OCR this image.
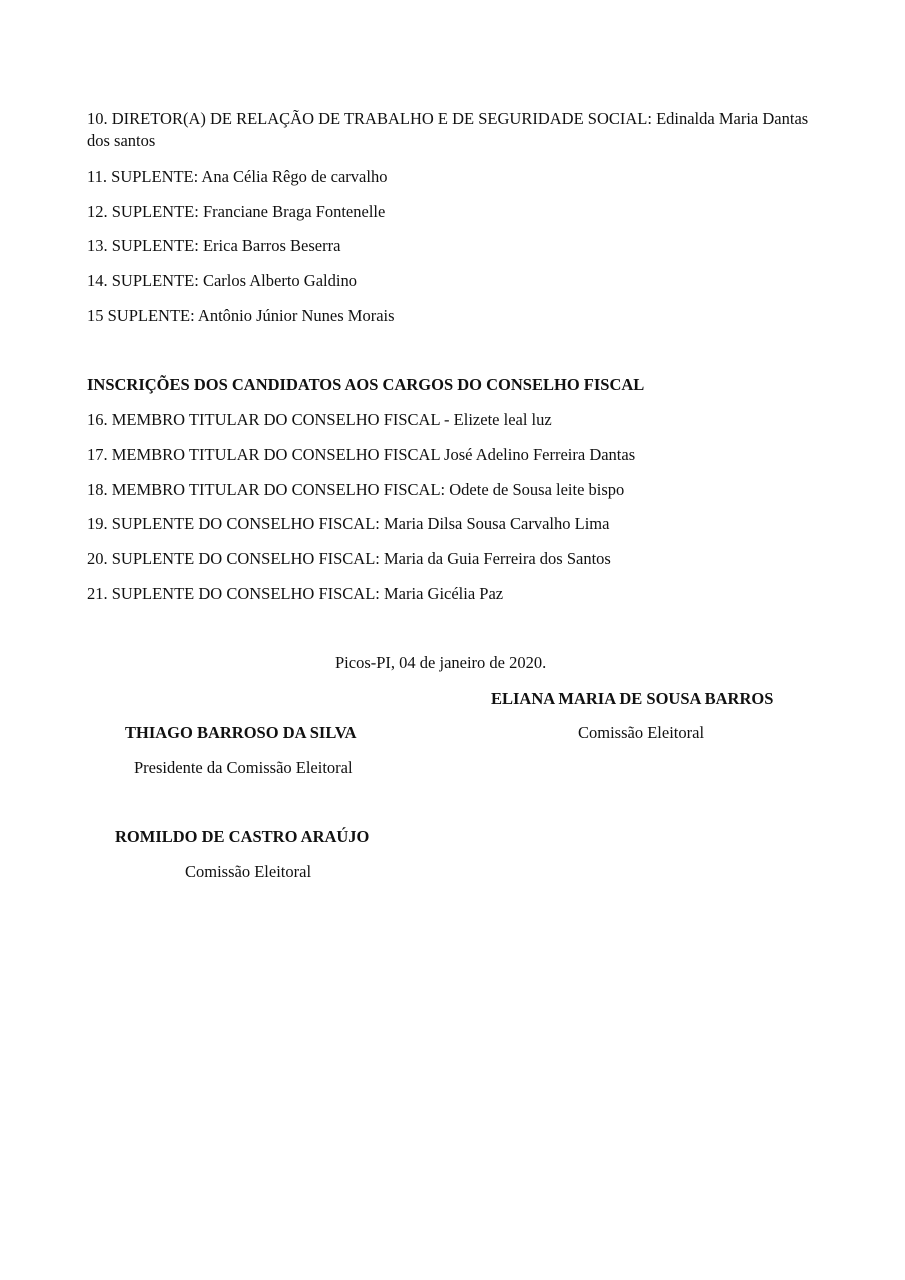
10. DIRETOR(A) DE RELAÇÃO DE TRABALHO E DE SEGURIDADE SOCIAL: Edinalda Maria Dantas dos santos
11. SUPLENTE: Ana Célia Rêgo de carvalho
12. SUPLENTE: Franciane Braga Fontenelle
13. SUPLENTE: Erica Barros Beserra
14. SUPLENTE: Carlos Alberto Galdino
15 SUPLENTE: Antônio Júnior Nunes Morais
INSCRIÇÕES DOS CANDIDATOS AOS CARGOS DO CONSELHO FISCAL
16. MEMBRO TITULAR DO CONSELHO FISCAL - Elizete leal luz
17. MEMBRO TITULAR DO CONSELHO FISCAL José Adelino Ferreira Dantas
18. MEMBRO TITULAR DO CONSELHO FISCAL: Odete de Sousa leite bispo
19. SUPLENTE DO CONSELHO FISCAL: Maria Dilsa Sousa Carvalho Lima
20. SUPLENTE DO CONSELHO FISCAL: Maria da Guia Ferreira dos Santos
21. SUPLENTE DO CONSELHO FISCAL: Maria Gicélia Paz
Picos-PI, 04 de janeiro de 2020.
ELIANA MARIA DE SOUSA BARROS
Comissão Eleitoral
THIAGO BARROSO DA SILVA
Presidente da Comissão Eleitoral
ROMILDO DE CASTRO ARAÚJO
Comissão Eleitoral
